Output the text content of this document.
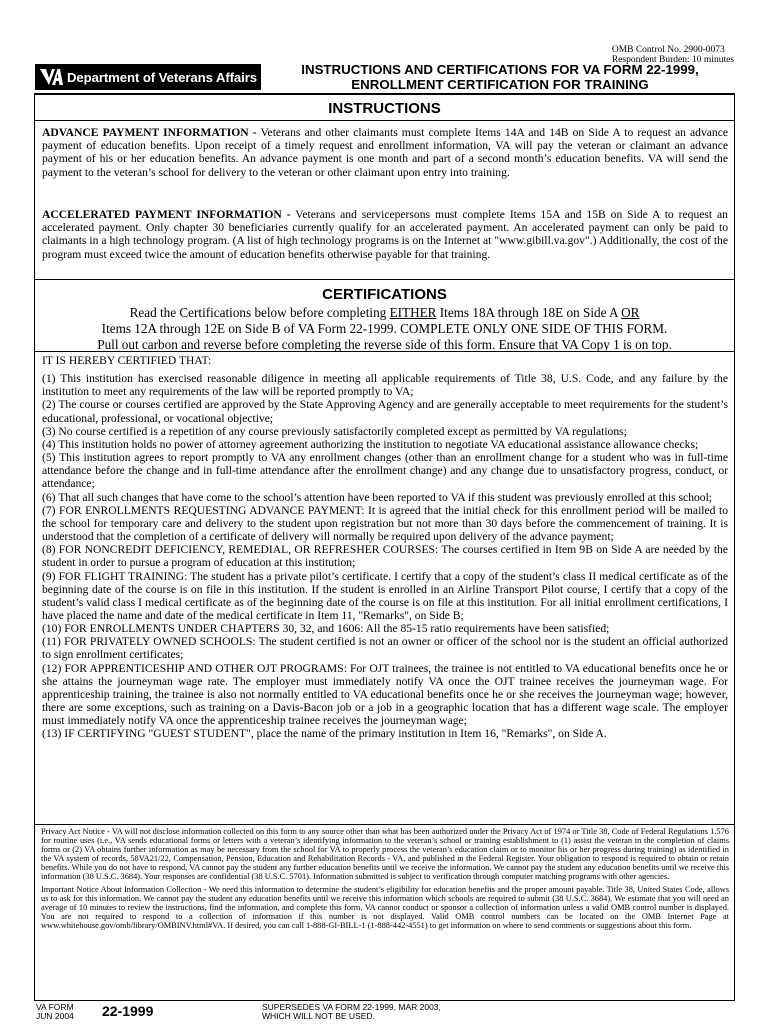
OMB Control No. 2900-0073
Respondent Burden: 10 minutes
Department of Veterans Affairs	INSTRUCTIONS AND CERTIFICATIONS FOR VA FORM 22-1999,
ENROLLMENT CERTIFICATION FOR TRAINING
INSTRUCTIONS
ADVANCE PAYMENT INFORMATION - Veterans and other claimants must complete Items 14A and 14B on Side A to request an advance payment of education benefits. Upon receipt of a timely request and enrollment information, VA will pay the veteran or claimant an advance payment of his or her education benefits. An advance payment is one month and part of a second month’s education benefits. VA will send the payment to the veteran’s school for delivery to the veteran or other claimant upon entry into training.
ACCELERATED PAYMENT INFORMATION - Veterans and servicepersons must complete Items 15A and 15B on Side A to request an accelerated payment. Only chapter 30 beneficiaries currently qualify for an accelerated payment. An accelerated payment can only be paid to claimants in a high technology program. (A list of high technology programs is on the Internet at "www.gibill.va.gov".) Additionally, the cost of the program must exceed twice the amount of education benefits otherwise payable for that training.
CERTIFICATIONS
Read the Certifications below before completing EITHER Items 18A through 18E on Side A OR
Items 12A through 12E on Side B of VA Form 22-1999. COMPLETE ONLY ONE SIDE OF THIS FORM.
Pull out carbon and reverse before completing the reverse side of this form. Ensure that VA Copy 1 is on top.
IT IS HEREBY CERTIFIED THAT:
(1) This institution has exercised reasonable diligence in meeting all applicable requirements of Title 38, U.S. Code, and any failure by the institution to meet any requirements of the law will be reported promptly to VA;
(2) The course or courses certified are approved by the State Approving Agency and are generally acceptable to meet requirements for the student’s educational, professional, or vocational objective;
(3) No course certified is a repetition of any course previously satisfactorily completed except as permitted by VA regulations;
(4) This institution holds no power of attorney agreement authorizing the institution to negotiate VA educational assistance allowance checks;
(5) This institution agrees to report promptly to VA any enrollment changes (other than an enrollment change for a student who was in full-time attendance before the change and in full-time attendance after the enrollment change) and any change due to unsatisfactory progress, conduct, or attendance;
(6) That all such changes that have come to the school’s attention have been reported to VA if this student was previously enrolled at this school;
(7) FOR ENROLLMENTS REQUESTING ADVANCE PAYMENT: It is agreed that the initial check for this enrollment period will be mailed to the school for temporary care and delivery to the student upon registration but not more than 30 days before the commencement of training. It is understood that the completion of a certificate of delivery will normally be required upon delivery of the advance payment;
(8) FOR NONCREDIT DEFICIENCY, REMEDIAL, OR REFRESHER COURSES: The courses certified in Item 9B on Side A are needed by the student in order to pursue a program of education at this institution;
(9) FOR FLIGHT TRAINING: The student has a private pilot’s certificate. I certify that a copy of the student’s class II medical certificate as of the beginning date of the course is on file in this institution. If the student is enrolled in an Airline Transport Pilot course, I certify that a copy of the student’s valid class I medical certificate as of the beginning date of the course is on file at this institution. For all initial enrollment certifications, I have placed the name and date of the medical certificate in Item 11, "Remarks", on Side B;
(10) FOR ENROLLMENTS UNDER CHAPTERS 30, 32, and 1606: All the 85-15 ratio requirements have been satisfied;
(11) FOR PRIVATELY OWNED SCHOOLS: The student certified is not an owner or officer of the school nor is the student an official authorized to sign enrollment certificates;
(12) FOR APPRENTICESHIP AND OTHER OJT PROGRAMS: For OJT trainees, the trainee is not entitled to VA educational benefits once he or she attains the journeyman wage rate. The employer must immediately notify VA once the OJT trainee receives the journeyman wage. For apprenticeship training, the trainee is also not normally entitled to VA educational benefits once he or she receives the journeyman wage; however, there are some exceptions, such as training on a Davis-Bacon job or a job in a geographic location that has a different wage scale. The employer must immediately notify VA once the apprenticeship trainee receives the journeyman wage;
(13) IF CERTIFYING "GUEST STUDENT", place the name of the primary institution in Item 16, "Remarks", on Side A.

Privacy Act Notice - VA will not disclose information collected on this form to any source other than what has been authorized under the Privacy Act of 1974 or Title 38, Code of Federal Regulations 1.576 for routine uses (i.e., VA sends educational forms or letters with a veteran’s identifying information to the veteran’s school or training establishment to (1) assist the veteran in the completion of claims forms or (2) VA obtains further information as may be necessary from the school for VA to properly process the veteran’s education claim or to monitor his or her progress during training) as identified in the VA system of records, 58VA21/22, Compensation, Pension, Education and Rehabilitation Records - VA, and published in the Federal Register. Your obligation to respond is required to obtain or retain benefits. While you do not have to respond, VA cannot pay the student any further education benefits until we receive the information. We cannot pay the student any education benefits until we receive this information (38 U.S.C. 3684). Your responses are confidential (38 U.S.C. 5701). Information submitted is subject to verification through computer matching programs with other agencies.

Important Notice About Information Collection - We need this information to determine the student’s eligibility for education benefits and the proper amount payable. Title 38, United States Code, allows us to ask for this information. We cannot pay the student any education benefits until we receive this information which schools are required to submit (38 U.S.C. 3684). We estimate that you will need an average of 10 minutes to review the instructions, find the information, and complete this form. VA cannot conduct or sponsor a collection of information unless a valid OMB control number is displayed. You are not required to respond to a collection of information if this number is not displayed. Valid OMB control numbers can be located on the OMB Internet Page at www.whitehouse.gov/omb/library/OMBINV.html#VA. If desired, you can call 1-888-GI-BILL-1 (1-888-442-4551) to get information on where to send comments or suggestions about this form.

VA FORM
JUN 2004 22-1999	SUPERSEDES VA FORM 22-1999, MAR 2003,
WHICH WILL NOT BE USED.
